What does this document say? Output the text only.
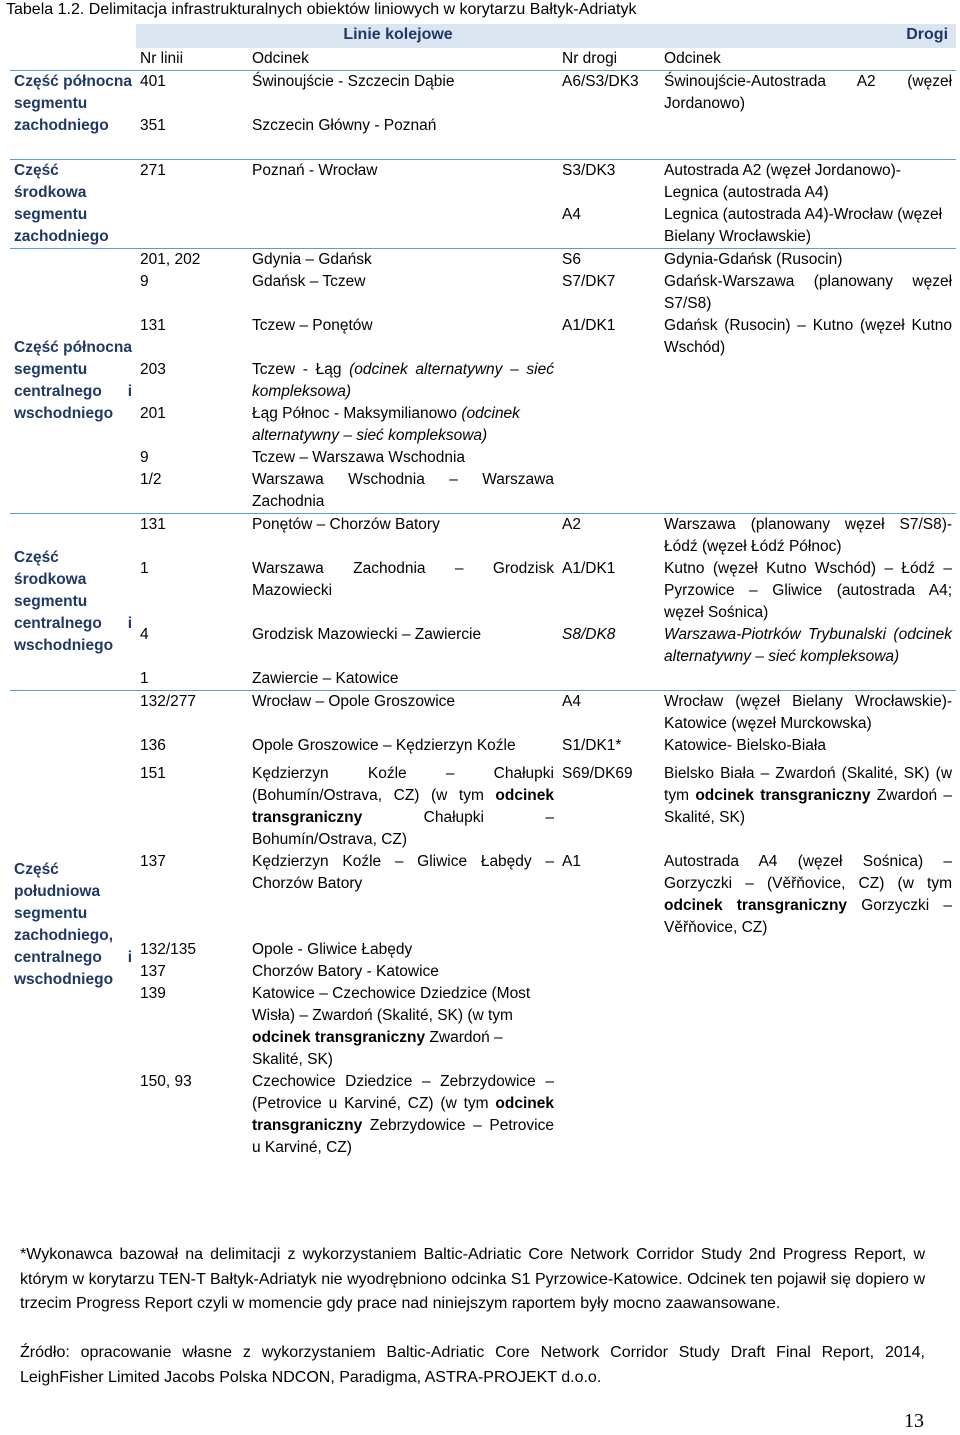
Tabela 1.2. Delimitacja infrastrukturalnych obiektów liniowych w korytarzu Bałtyk-Adriatyk
	Linie kolejowe			Drogi
	Nr linii	Odcinek	Nr drogi	Odcinek
Część północna segmentu zachodniego	401	Świnoujście - Szczecin Dąbie	A6/S3/DK3	Świnoujście-Autostrada A2 (węzeł Jordanowo)
	351	Szczecin Główny - Poznań		
Część środkowa segmentu zachodniego	271	Poznań - Wrocław	S3/DK3	Autostrada A2 (węzeł Jordanowo)-Legnica (autostrada A4)
			A4	Legnica (autostrada A4)-Wrocław (węzeł Bielany Wrocławskie)
Część północna segmentu centralnego i wschodniego	201, 202	Gdynia – Gdańsk	S6	Gdynia-Gdańsk (Rusocin)
	9	Gdańsk – Tczew	S7/DK7	Gdańsk-Warszawa (planowany węzeł S7/S8)
	131	Tczew – Ponętów	A1/DK1	Gdańsk (Rusocin) – Kutno (węzeł Kutno Wschód)
	203	Tczew - Łąg (odcinek alternatywny – sieć kompleksowa)		
	201	Łąg Północ - Maksymilianowo (odcinek alternatywny – sieć kompleksowa)		
	9	Tczew – Warszawa Wschodnia		
	1/2	Warszawa Wschodnia – Warszawa Zachodnia		
Część środkowa segmentu centralnego i wschodniego	131	Ponętów – Chorzów Batory	A2	Warszawa (planowany węzeł S7/S8)-Łódź (węzeł Łódź Północ)
	1	Warszawa Zachodnia – Grodzisk Mazowiecki	A1/DK1	Kutno (węzeł Kutno Wschód) – Łódź – Pyrzowice – Gliwice (autostrada A4; węzeł Sośnica)
	4	Grodzisk Mazowiecki – Zawiercie	S8/DK8	Warszawa-Piotrków Trybunalski (odcinek alternatywny – sieć kompleksowa)
	1	Zawiercie – Katowice		
Część południowa segmentu zachodniego, centralnego i wschodniego	132/277	Wrocław – Opole Groszowice	A4	Wrocław (węzeł Bielany Wrocławskie)-Katowice (węzeł Murckowska)
	136	Opole Groszowice – Kędzierzyn Koźle	S1/DK1*	Katowice- Bielsko-Biała
	151	Kędzierzyn Koźle – Chałupki (Bohumín/Ostrava, CZ) (w tym odcinek transgraniczny Chałupki – Bohumín/Ostrava, CZ)	S69/DK69	Bielsko Biała – Zwardoń (Skalité, SK) (w tym odcinek transgraniczny Zwardoń – Skalité, SK)
	137	Kędzierzyn Koźle – Gliwice Łabędy – Chorzów Batory	A1	Autostrada A4 (węzeł Sośnica) – Gorzyczki – (Věřňovice, CZ) (w tym odcinek transgraniczny Gorzyczki – Věřňovice, CZ)
	132/135	Opole - Gliwice Łabędy		
	137	Chorzów Batory - Katowice		
	139	Katowice – Czechowice Dziedzice (Most Wisła) – Zwardoń (Skalité, SK) (w tym odcinek transgraniczny Zwardoń – Skalité, SK)		
	150, 93	Czechowice Dziedzice – Zebrzydowice – (Petrovice u Karviné, CZ) (w tym odcinek transgraniczny Zebrzydowice – Petrovice u Karviné, CZ)		
*Wykonawca bazował na delimitacji z wykorzystaniem Baltic-Adriatic Core Network Corridor Study 2nd Progress Report, w którym w korytarzu TEN-T Bałtyk-Adriatyk nie wyodrębniono odcinka S1 Pyrzowice-Katowice. Odcinek ten pojawił się dopiero w trzecim Progress Report czyli w momencie gdy prace nad niniejszym raportem były mocno zaawansowane.
Źródło: opracowanie własne z wykorzystaniem Baltic-Adriatic Core Network Corridor Study Draft Final Report, 2014, LeighFisher Limited Jacobs Polska NDCON, Paradigma, ASTRA-PROJEKT d.o.o.
13
